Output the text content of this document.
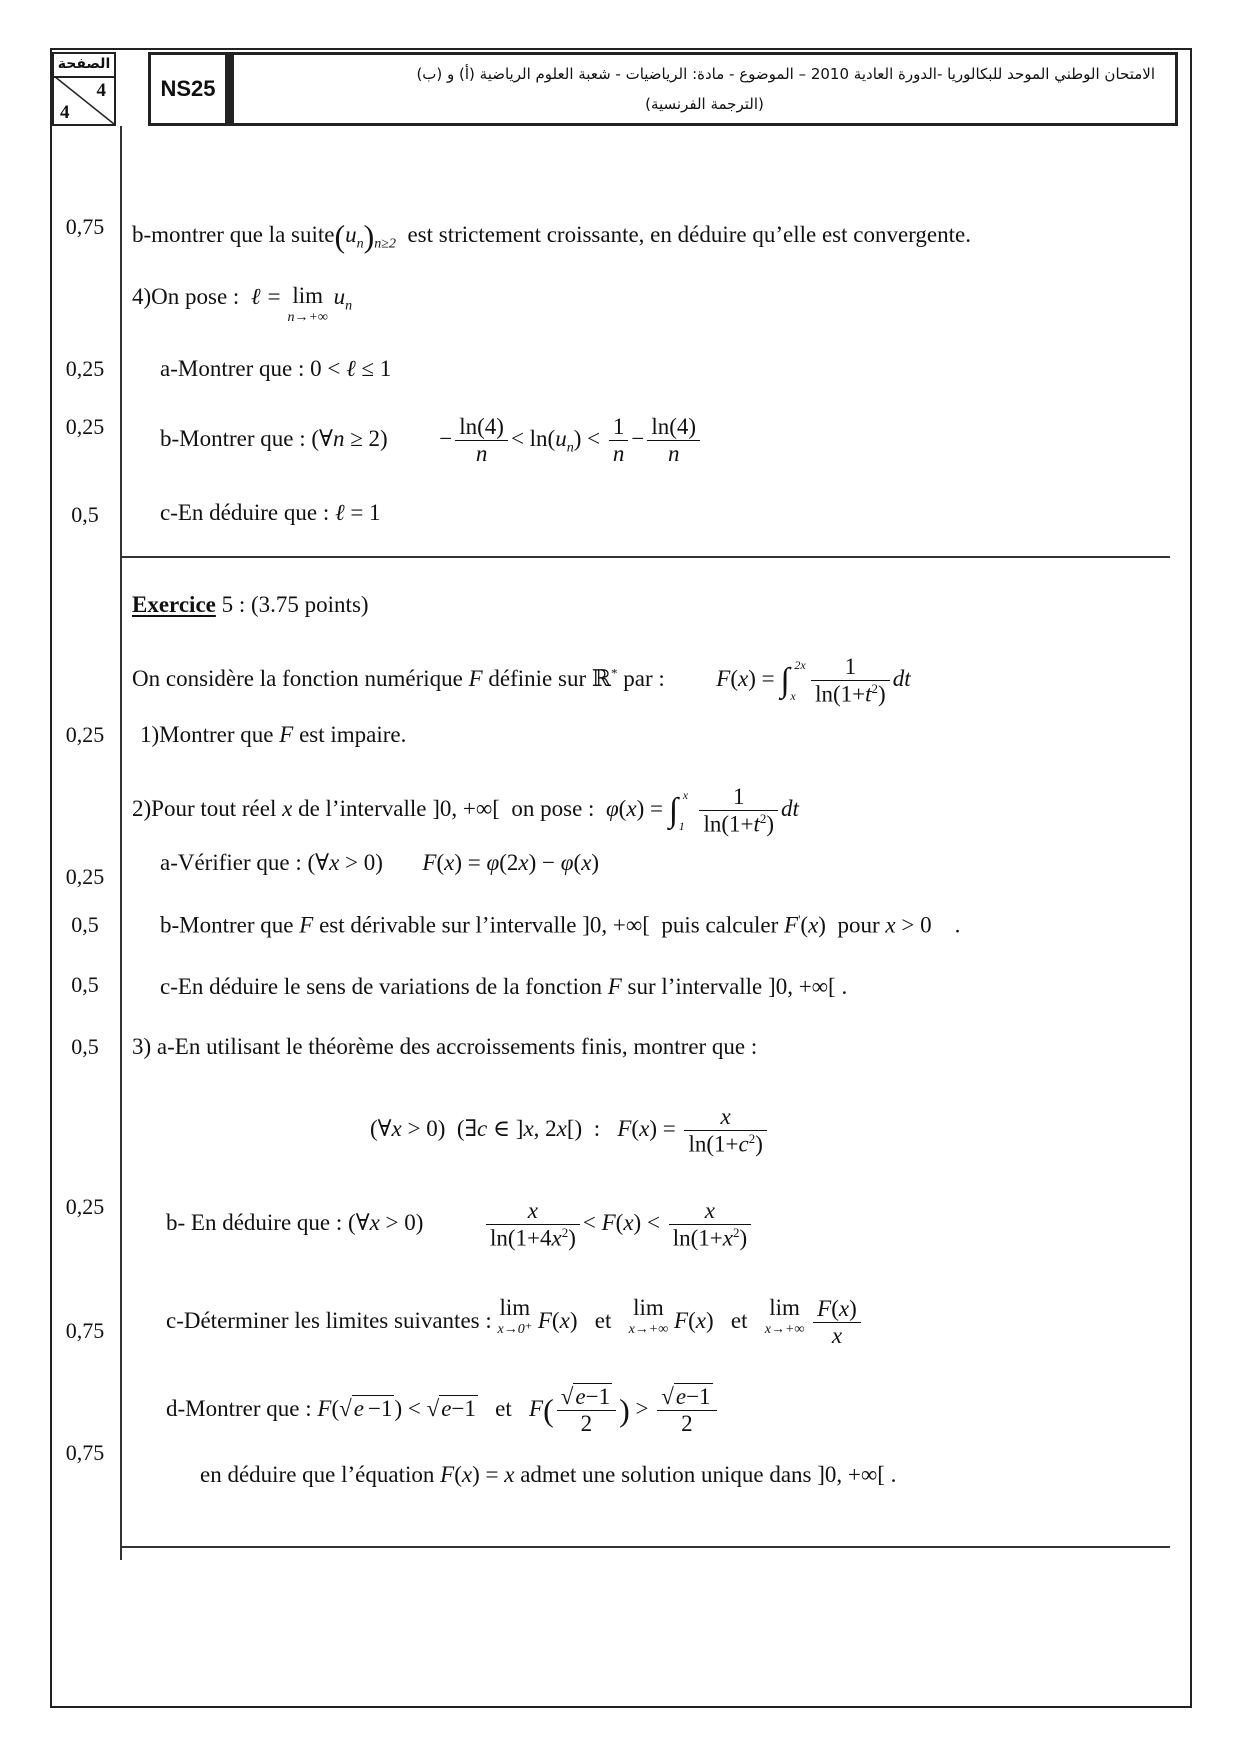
الصفحة
4
4
NS25
الامتحان الوطني الموحد للبكالوريا -الدورة العادية 2010 – الموضوع - مادة: الرياضيات - شعبة العلوم الرياضية (أ) و (ب)
(الترجمة الفرنسية)
0,75
0,25
0,25
0,5
0,25
0,25
0,5
0,5
0,5
0,25
0,75
0,75
b-montrer que la $suite(u_n)_{n\ge 2}$ est strictement croissante, en déduire qu’elle est convergente.
4)On pose :  ℓ = lim
n→+∞
$u_n$
a-Montrer que : 0 < ℓ ≤ 1
b-Montrer que : (∀n ≥ $2) - \frac{\ln(4)}{n} < \ln(u_n) < \frac{1}{n} - \frac{\ln(4)}{n}$
c-En déduire que : ℓ = 1
Exercice 5 : (3.75 points)
On considère la fonction numérique F définie sur ℝ* par : F(x) = ∫ 2x
x
$\frac{1}{\ln(1+t^2)}$ dt
1)Montrer que F est impaire.
2)Pour tout réel x de l’intervalle ]0, +∞[  on pose : φ(x) = ∫ x
1
$\frac{1}{\ln(1+t^2)}$ dt
a-Vérifier que : (∀x > 0)  F(x) = φ(2x) − φ(x)
b-Montrer que F est dérivable sur l’intervalle ]0, +∞[  puis calculer F'(x)  pour x > 0    .
c-En déduire le sens de variations de la fonction F sur l’intervalle ]0, +∞[ .
3) a-En utilisant le théorème des accroissements finis, montrer que :
(∀x > 0)  (∃c ∈ ]x, 2x[)  :   $F(x) = \frac{x}{\ln(1+c^2)}$
b- En déduire que : (∀x > $0) \frac{x}{\ln(1+4x^2)} < F(x) < \frac{x}{\ln(1+x^2)}$
c-Déterminer les limites suivantes : lim
x→0⁺ F(x)   et   lim
x→+∞ F(x)   et   lim
x→+∞
$\frac{F(x)}{x}$
d-Montrer que : F(√e −1) < √e−1 et $F( \frac{√e-1}{2}$ ) > $\frac{√e-1}{2}$
en déduire que l’équation F(x) = x admet une solution unique dans ]0, +∞[ .
